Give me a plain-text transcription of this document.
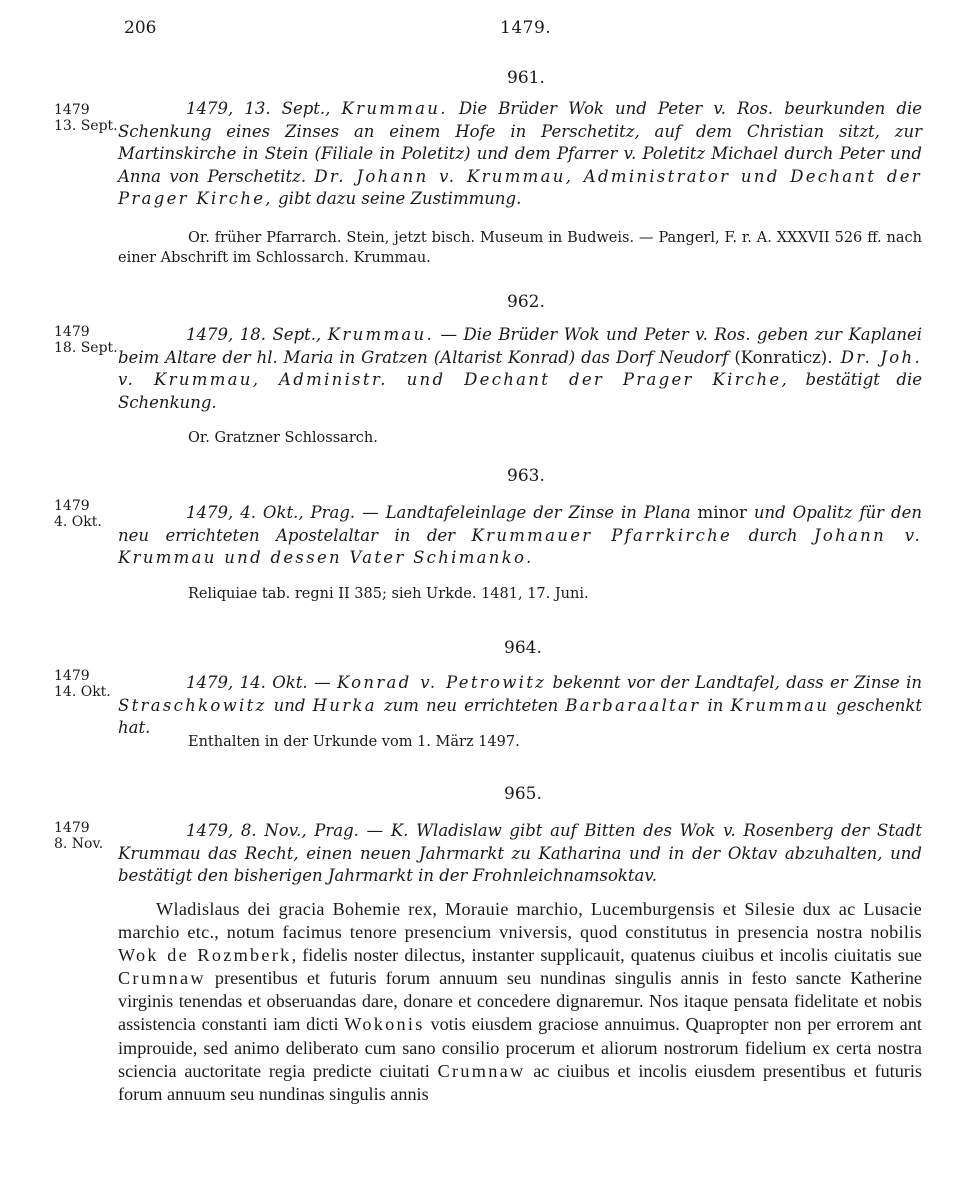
206	1479.
961.
1479
13. Sept.
1479, 13. Sept., Krummau. Die Brüder Wok und Peter v. Ros. beurkunden die Schenkung eines Zinses an einem Hofe in Perschetitz, auf dem Christian sitzt, zur Martinskirche in Stein (Filiale in Poletitz) und dem Pfarrer v. Poletitz Michael durch Peter und Anna von Perschetitz. Dr. Johann v. Krummau, Administrator und Dechant der Prager Kirche, gibt dazu seine Zustimmung.
Or. früher Pfarrarch. Stein, jetzt bisch. Museum in Budweis. — Pangerl, F. r. A. XXXVII 526 ff. nach einer Abschrift im Schlossarch. Krummau.
962.
1479
18. Sept.
1479, 18. Sept., Krummau. — Die Brüder Wok und Peter v. Ros. geben zur Kaplanei beim Altare der hl. Maria in Gratzen (Altarist Konrad) das Dorf Neudorf (Konraticz). Dr. Joh. v. Krummau, Administr. und Dechant der Prager Kirche, bestätigt die Schenkung.
Or. Gratzner Schlossarch.
963.
1479
4. Okt.	1479, 4. Okt., Prag. — Landtafeleinlage der Zinse in Plana minor und Opalitz für den neu errichteten Apostelaltar in der Krummauer Pfarrkirche durch Johann v. Krummau und dessen Vater Schimanko.
Reliquiae tab. regni II 385; sieh Urkde. 1481, 17. Juni.
964.
1479
14. Okt.	1479, 14. Okt. — Konrad v. Petrowitz bekennt vor der Landtafel, dass er Zinse in Straschkowitz und Hurka zum neu errichteten Barbaraaltar in Krummau geschenkt hat.
Enthalten in der Urkunde vom 1. März 1497.
965.
1479
8. Nov.
1479, 8. Nov., Prag. — K. Wladislaw gibt auf Bitten des Wok v. Rosenberg der Stadt Krummau das Recht, einen neuen Jahrmarkt zu Katharina und in der Oktav abzuhalten, und bestätigt den bisherigen Jahrmarkt in der Frohnleichnamsoktav.
Wladislaus dei gracia Bohemie rex, Morauie marchio, Lucemburgensis et Silesie dux ac Lusacie marchio etc., notum facimus tenore presencium vniversis, quod constitutus in presencia nostra nobilis Wok de Rozmberk, fidelis noster dilectus, instanter supplicauit, quatenus ciuibus et incolis ciuitatis sue Crumnaw presentibus et futuris forum annuum seu nundinas singulis annis in festo sancte Katherine virginis tenendas et obseruandas dare, donare et concedere dignaremur. Nos itaque pensata fidelitate et nobis assistencia constanti iam dicti Wokonis votis eiusdem graciose annuimus. Quapropter non per errorem ant improuide, sed animo deliberato cum sano consilio procerum et aliorum nostrorum fidelium ex certa nostra sciencia auctoritate regia predicte ciuitati Crumnaw ac ciuibus et incolis eiusdem presentibus et futuris forum annuum seu nundinas singulis annis
